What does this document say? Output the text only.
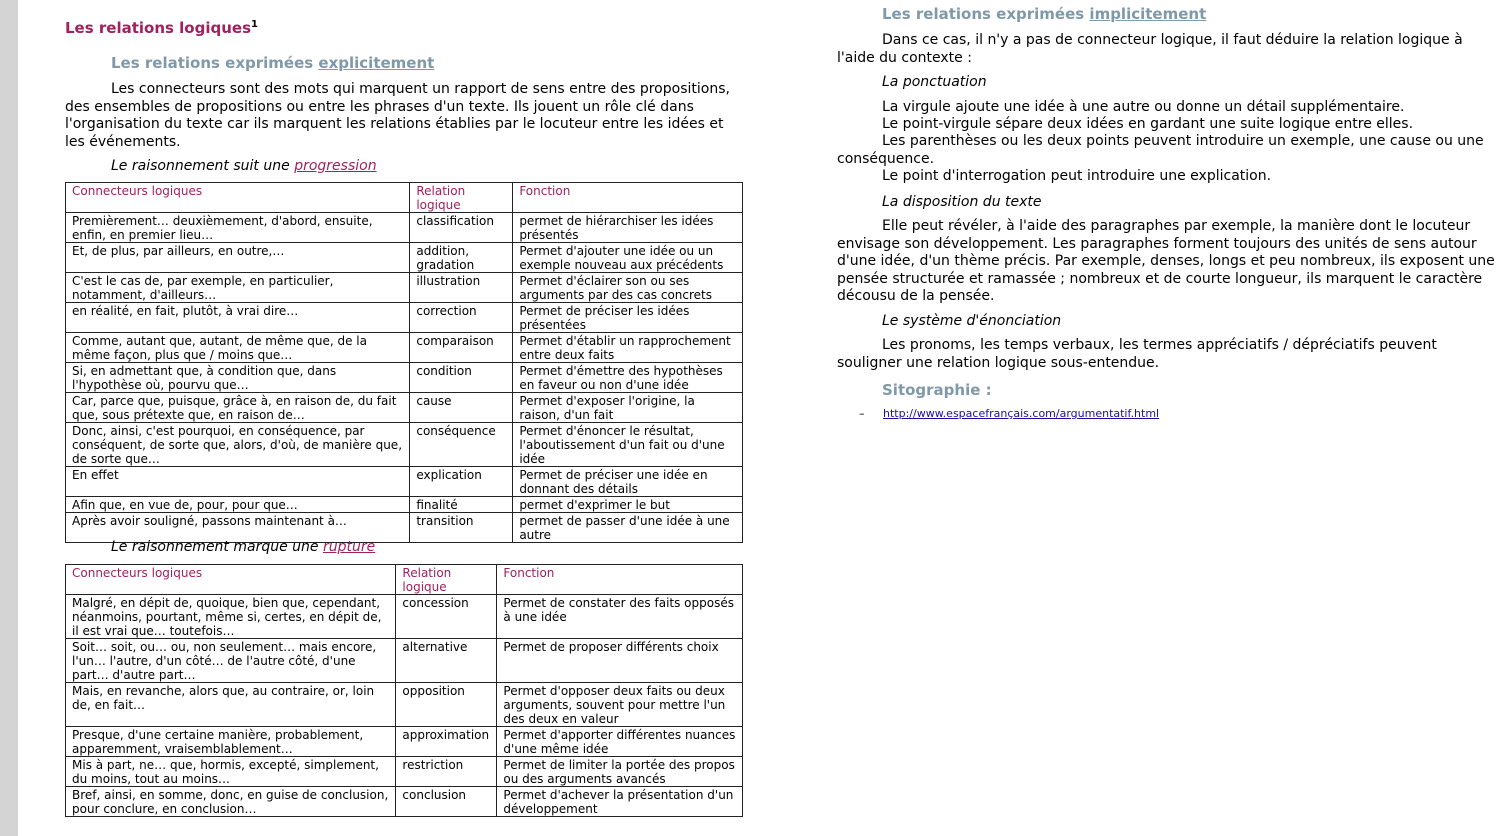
Les relations logiques$^1$
Les relations exprimées explicitement
Les connecteurs sont des mots qui marquent un rapport de sens entre des propositions, des ensembles de propositions ou entre les phrases d'un texte. Ils jouent un rôle clé dans l'organisation du texte car ils marquent les relations établies par le locuteur entre les idées et les événements.
Le raisonnement suit une progression
Connecteurs logiques	Relation logique	Fonction
Premièrement… deuxièmement, d'abord, ensuite, enfin, en premier lieu…	classification	permet de hiérarchiser les idées présentés
Et, de plus, par ailleurs, en outre,…	addition, gradation	Permet d'ajouter une idée ou un exemple nouveau aux précédents
C'est le cas de, par exemple, en particulier, notamment, d'ailleurs…	illustration	Permet d'éclairer son ou ses arguments par des cas concrets
en réalité, en fait, plutôt, à vrai dire…	correction	Permet de préciser les idées présentées
Comme, autant que, autant, de même que, de la même façon, plus que / moins que…	comparaison	Permet d'établir un rapprochement entre deux faits
Si, en admettant que, à condition que, dans l'hypothèse où, pourvu que…	condition	Permet d'émettre des hypothèses en faveur ou non d'une idée
Car, parce que, puisque, grâce à, en raison de, du fait que, sous prétexte que, en raison de…	cause	Permet d'exposer l'origine, la raison, d'un fait
Donc, ainsi, c'est pourquoi, en conséquence, par conséquent, de sorte que, alors, d'où, de manière que, de sorte que…	conséquence	Permet d'énoncer le résultat, l'aboutissement d'un fait ou d'une idée
En effet	explication	Permet de préciser une idée en donnant des détails
Afin que, en vue de, pour, pour que…	finalité	permet d'exprimer le but
Après avoir souligné, passons maintenant à…	transition	permet de passer d'une idée à une autre
Le raisonnement marque une rupture
Connecteurs logiques	Relation logique	Fonction
Malgré, en dépit de, quoique, bien que, cependant, néanmoins, pourtant, même si, certes, en dépit de, il est vrai que… toutefois…	concession	Permet de constater des faits opposés à une idée
Soit… soit, ou… ou, non seulement… mais encore, l'un… l'autre, d'un côté… de l'autre côté, d'une part… d'autre part…	alternative	Permet de proposer différents choix
Mais, en revanche, alors que, au contraire, or, loin de, en fait…	opposition	Permet d'opposer deux faits ou deux arguments, souvent pour mettre l'un des deux en valeur
Presque, d'une certaine manière, probablement, apparemment, vraisemblablement…	approximation	Permet d'apporter différentes nuances d'une même idée
Mis à part, ne… que, hormis, excepté, simplement, du moins, tout au moins…	restriction	Permet de limiter la portée des propos ou des arguments avancés
Bref, ainsi, en somme, donc, en guise de conclusion, pour conclure, en conclusion…	conclusion	Permet d'achever la présentation d'un développement
Les relations exprimées implicitement
Dans ce cas, il n'y a pas de connecteur logique, il faut déduire la relation logique à l'aide du contexte :
La ponctuation
La virgule ajoute une idée à une autre ou donne un détail supplémentaire.
Le point-virgule sépare deux idées en gardant une suite logique entre elles.
Les parenthèses ou les deux points peuvent introduire un exemple, une cause ou une conséquence.
Le point d'interrogation peut introduire une explication.
La disposition du texte
Elle peut révéler, à l'aide des paragraphes par exemple, la manière dont le locuteur envisage son développement. Les paragraphes forment toujours des unités de sens autour d'une idée, d'un thème précis. Par exemple, denses, longs et peu nombreux, ils exposent une pensée structurée et ramassée ; nombreux et de courte longueur, ils marquent le caractère décousu de la pensée.
Le système d'énonciation
Les pronoms, les temps verbaux, les termes appréciatifs / dépréciatifs peuvent souligner une relation logique sous-entendue.
Sitographie :
– http://www.espacefrançais.com/argumentatif.html
